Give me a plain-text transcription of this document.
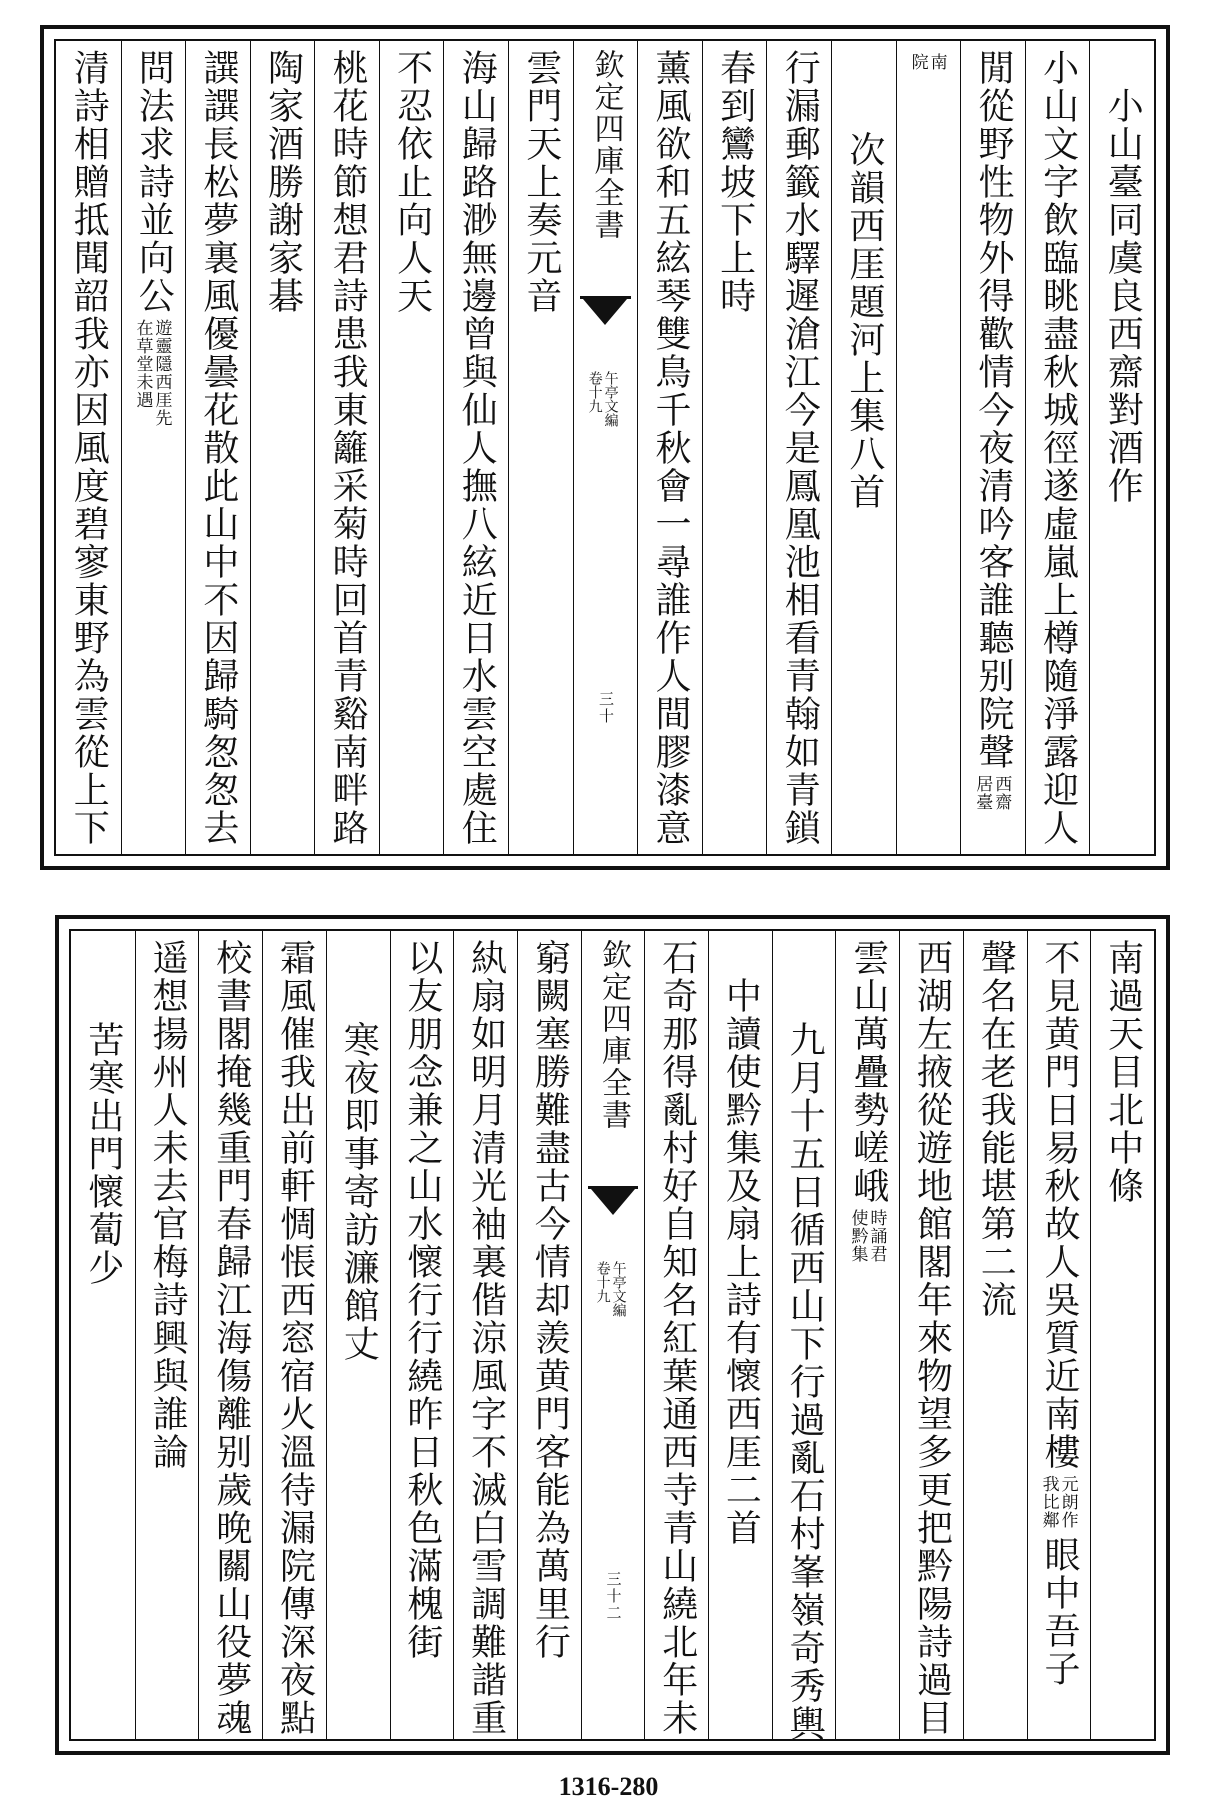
小山臺同虞良西齋對酒作
小山文字飲臨眺盡秋城徑遂虛嵐上樽隨淨露迎人
閒從野性物外得歡情今夜清吟客誰聽别院聲
西齋
居臺
南
院
次韻西厓題河上集八首
行漏郵籤水驛遲滄江今是鳳凰池相看青翰如青鎖
春到鸞坡下上時
薰風欲和五絃琴雙鳥千秋會一尋誰作人間膠漆意
欽定四庫全書
午亭文編
卷十九
三十
雲門天上奏元音
海山歸路渺無邊曾與仙人撫八絃近日水雲空處住
不忍依止向人天
桃花時節想君詩患我東籬采菊時回首青谿南畔路
陶家酒勝謝家碁
譔譔長松夢裏風優曇花散此山中不因歸騎怱怱去
問法求詩並向公
遊靈隱西厓先
在草堂未遇
清詩相贈抵聞韶我亦因風度碧寥東野為雲從上下
南過天目北中條
不見黄門日易秋故人吳質近南樓
元朗作
我比鄰
眼中吾子
聲名在老我能堪第二流
西湖左掖從遊地館閣年來物望多更把黔陽詩過目
雲山萬疊勢嵯峨
時誦君
使黔集
九月十五日循西山下行過亂石村峯嶺奇秀輿
中讀使黔集及扇上詩有懷西厓二首
石奇那得亂村好自知名紅葉通西寺青山繞北年未
欽定四庫全書
午亭文編
卷十九
三十二
窮闕塞勝難盡古今情却羨黄門客能為萬里行
紈扇如明月清光袖裏偕涼風字不滅白雪調難諧重
以友朋念兼之山水懷行行繞昨日秋色滿槐街
寒夜即事寄訪濂館丈
霜風催我出前軒惆悵西窓宿火溫待漏院傳深夜點
校書閣掩幾重門春歸江海傷離别歲晚關山役夢魂
遥想揚州人未去官梅詩興與誰論
苦寒出門懷蔔少
1316-280
